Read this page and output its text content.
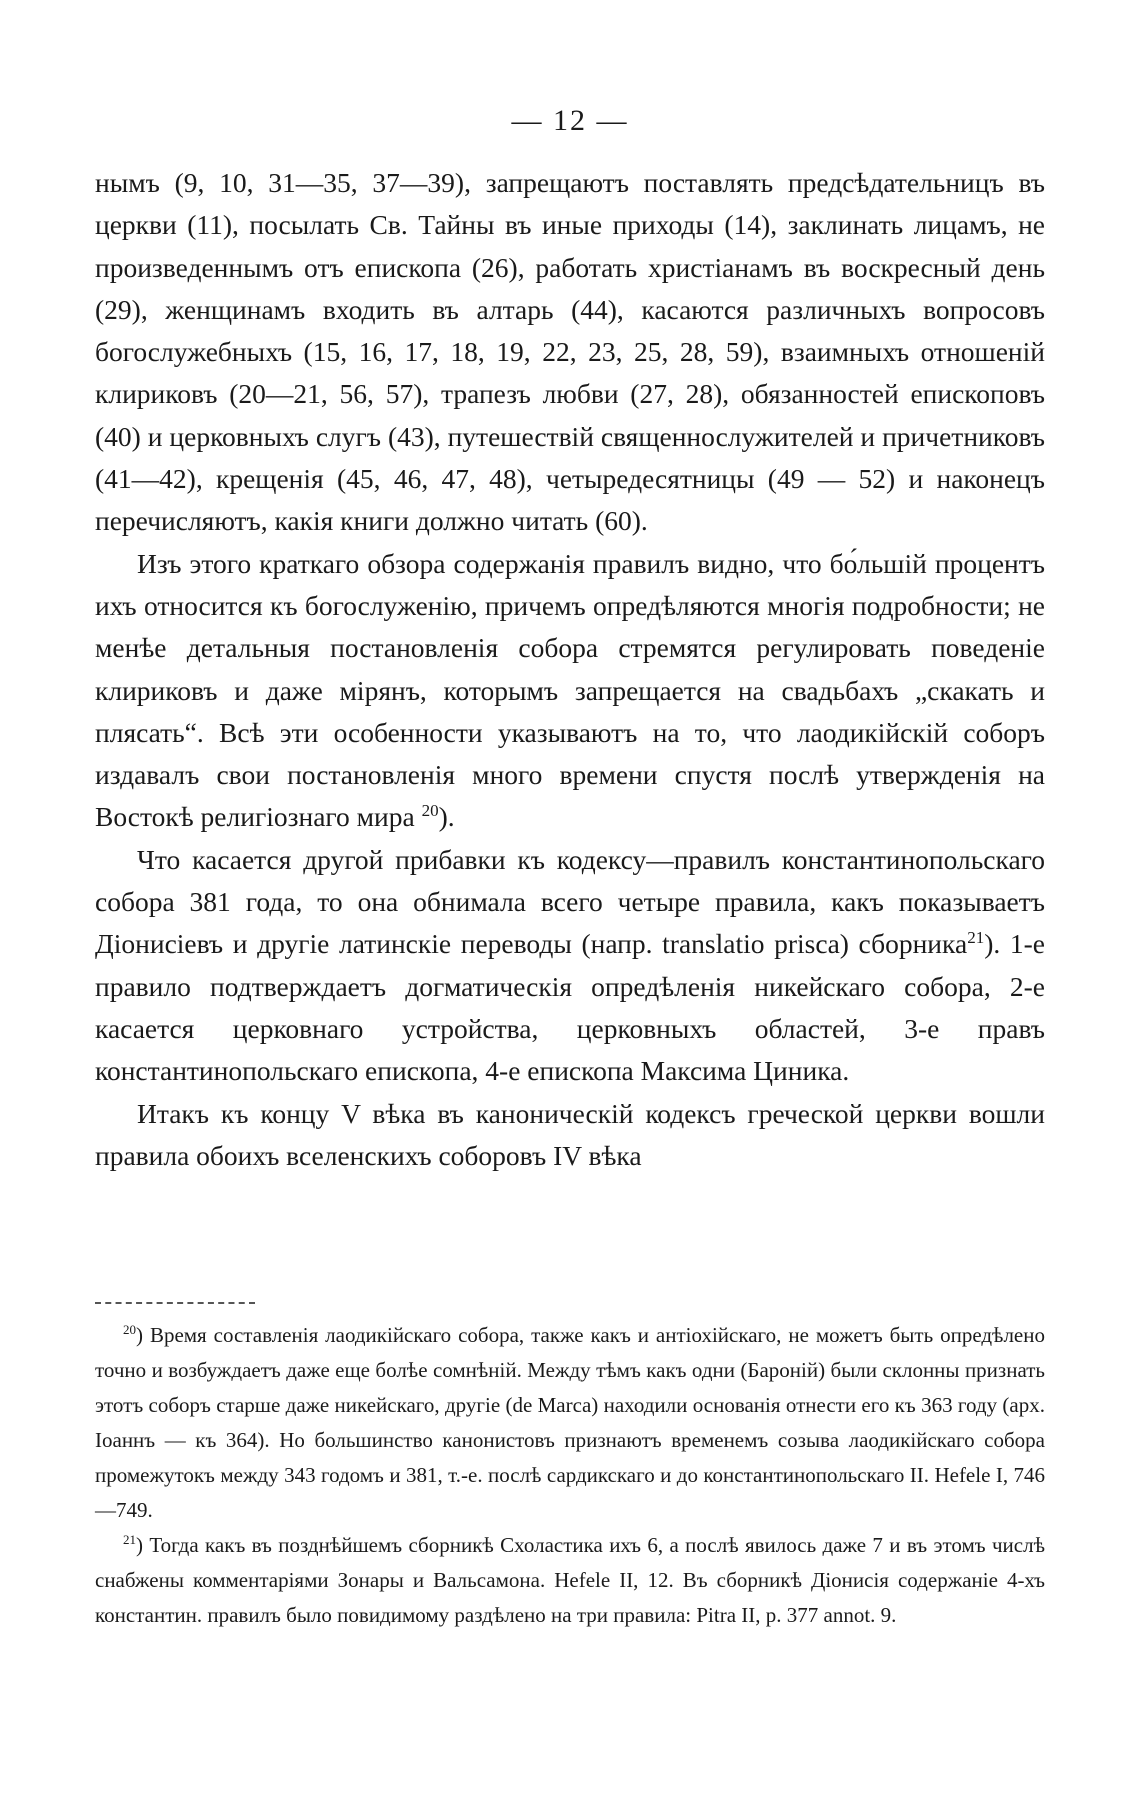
— 12 —

нымъ (9, 10, 31—35, 37—39), запрещаютъ поставлять предсѣдательницъ въ церкви (11), посылать Св. Тайны въ иные приходы (14), заклинать лицамъ, не произведеннымъ отъ епископа (26), работать христіанамъ въ воскресный день (29), женщинамъ входить въ алтарь (44), касаются различныхъ вопросовъ богослужебныхъ (15, 16, 17, 18, 19, 22, 23, 25, 28, 59), взаимныхъ отношеній клириковъ (20—21, 56, 57), трапезъ любви (27, 28), обязанностей епископовъ (40) и церковныхъ слугъ (43), путешествій священнослужителей и причетниковъ (41—42), крещенія (45, 46, 47, 48), четыредесятницы (49 — 52) и наконецъ перечисляютъ, какія книги должно читать (60).

Изъ этого краткаго обзора содержанія правилъ видно, что бо́льшій процентъ ихъ относится къ богослуженію, причемъ опредѣляются многія подробности; не менѣе детальныя постановленія собора стремятся регулировать поведеніе клириковъ и даже мірянъ, которымъ запрещается на свадьбахъ „скакать и плясать“. Всѣ эти особенности указываютъ на то, что лаодикійскій соборъ издавалъ свои постановленія много времени спустя послѣ утвержденія на Востокѣ религіознаго мира $^{20}$).

Что касается другой прибавки къ кодексу—правилъ константинопольскаго собора 381 года, то она обнимала всего четыре правила, какъ показываетъ Діонисіевъ и другіе латинскіе переводы (напр. translatio prisca) сборника$^{21}$). 1-е правило подтверждаетъ догматическія опредѣленія никейскаго собора, 2-е касается церковнаго устройства, церковныхъ областей, 3-е правъ константинопольскаго епископа, 4-е епископа Максима Циника.

Итакъ къ концу V вѣка въ каноническій кодексъ греческой церкви вошли правила обоихъ вселенскихъ соборовъ IV вѣка

$^{20}$) Время составленія лаодикійскаго собора, также какъ и антіохійскаго, не можетъ быть опредѣлено точно и возбуждаетъ даже еще болѣе сомнѣній. Между тѣмъ какъ одни (Бароній) были склонны признать этотъ соборъ старше даже никейскаго, другіе (de Marca) находили основанія отнести его къ 363 году (арх. Іоаннъ — къ 364). Но большинство канонистовъ признаютъ временемъ созыва лаодикійскаго собора промежутокъ между 343 годомъ и 381, т.-е. послѣ сардикскаго и до константинопольскаго II. Hefele I, 746—749.

$^{21}$) Тогда какъ въ позднѣйшемъ сборникѣ Схоластика ихъ 6, а послѣ явилось даже 7 и въ этомъ числѣ снабжены комментаріями Зонары и Вальсамона. Hefele II, 12. Въ сборникѣ Діонисія содержаніе 4-хъ константин. правилъ было повидимому раздѣлено на три правила: Pitra II, p. 377 annot. 9.
